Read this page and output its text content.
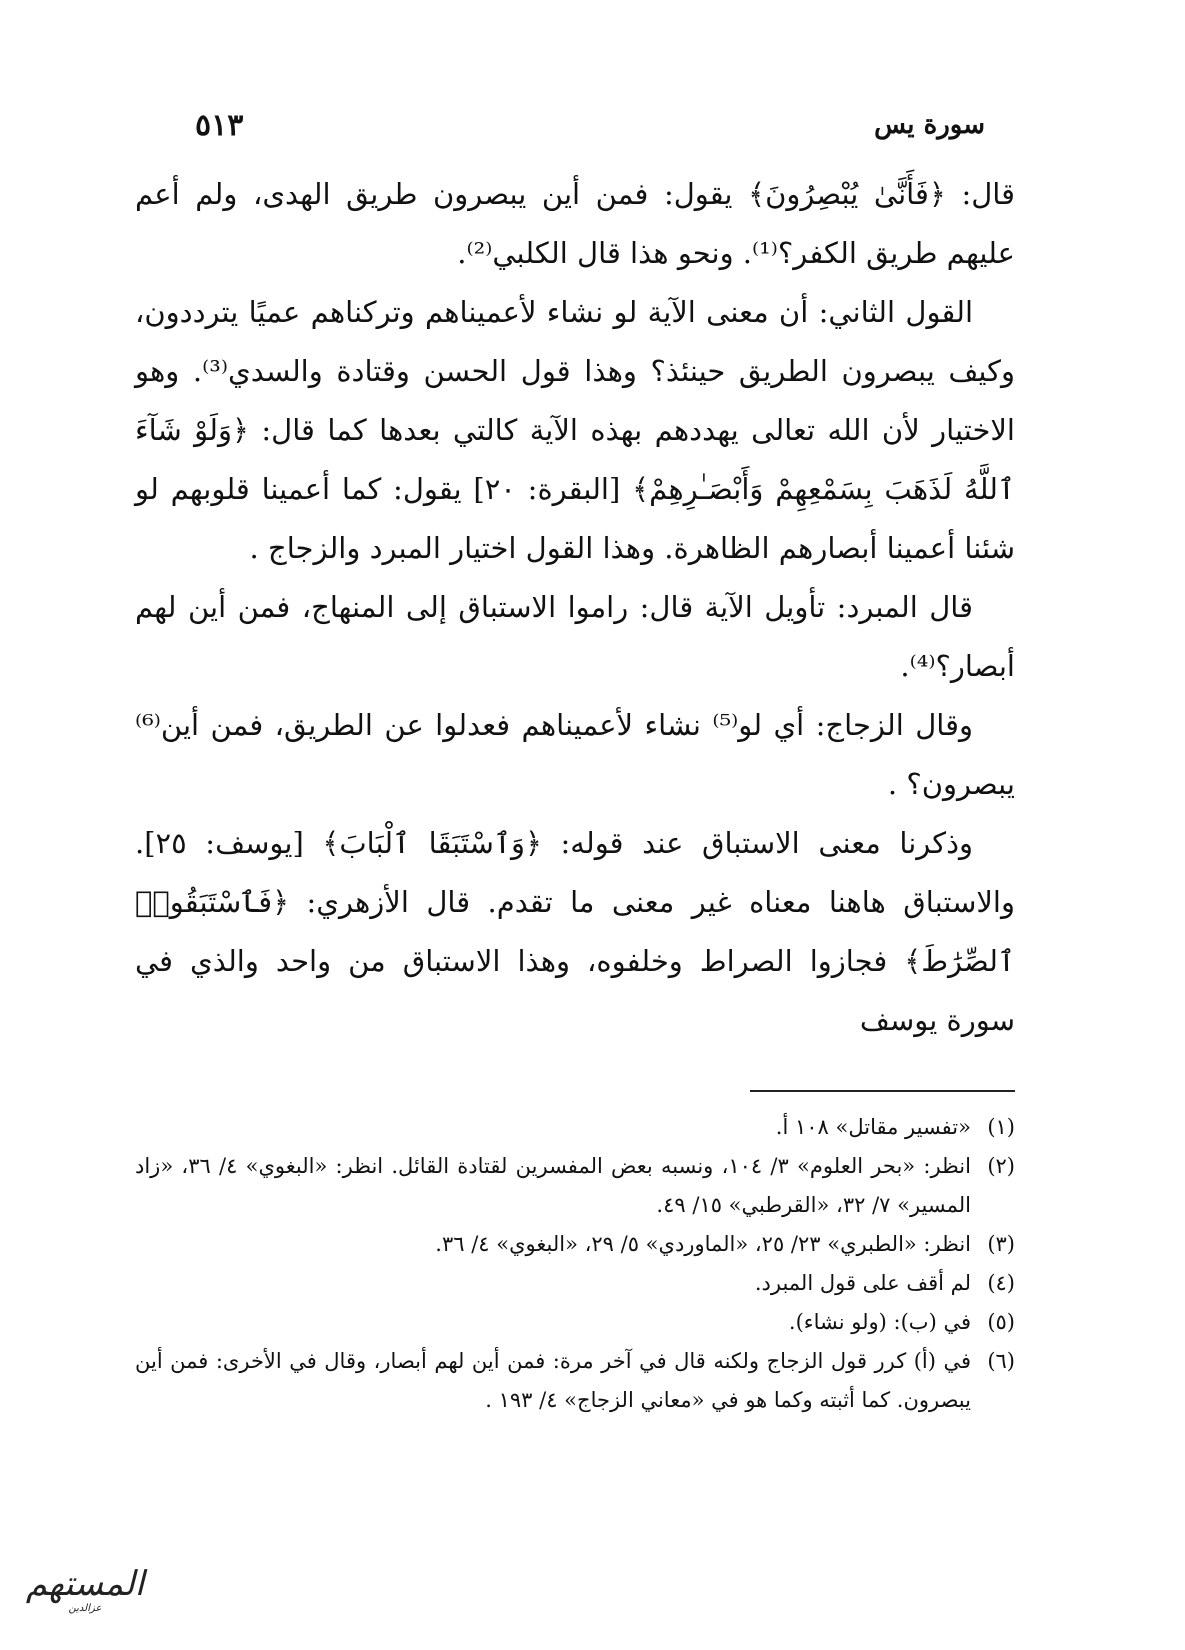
سورة يس
٥١٣

قال: ﴿فَأَنَّىٰ يُبْصِرُونَ﴾ يقول: فمن أين يبصرون طريق الهدى، ولم أعم عليهم طريق الكفر؟⁽¹⁾. ونحو هذا قال الكلبي⁽²⁾.

القول الثاني: أن معنى الآية لو نشاء لأعميناهم وتركناهم عميًا يترددون، وكيف يبصرون الطريق حينئذ؟ وهذا قول الحسن وقتادة والسدي⁽³⁾. وهو الاختيار لأن الله تعالى يهددهم بهذه الآية كالتي بعدها كما قال: ﴿وَلَوْ شَآءَ ٱللَّهُ لَذَهَبَ بِسَمْعِهِمْ وَأَبْصَـٰرِهِمْ﴾ [البقرة: ٢٠] يقول: كما أعمينا قلوبهم لو شئنا أعمينا أبصارهم الظاهرة. وهذا القول اختيار المبرد والزجاج .

قال المبرد: تأويل الآية قال: راموا الاستباق إلى المنهاج، فمن أين لهم أبصار؟⁽⁴⁾.

وقال الزجاج: أي لو⁽⁵⁾ نشاء لأعميناهم فعدلوا عن الطريق، فمن أين⁽⁶⁾ يبصرون؟ .

وذكرنا معنى الاستباق عند قوله: ﴿وَٱسْتَبَقَا ٱلْبَابَ﴾ [يوسف: ٢٥]. والاستباق هاهنا معناه غير معنى ما تقدم. قال الأزهري: ﴿فَٱسْتَبَقُوا۟ ٱلصِّرَٰطَ﴾ فجازوا الصراط وخلفوه، وهذا الاستباق من واحد والذي في سورة يوسف

(١)
«تفسير مقاتل» ١٠٨ أ.
(٢)
انظر: «بحر العلوم» ٣/ ١٠٤، ونسبه بعض المفسرين لقتادة القائل. انظر: «البغوي» ٤/ ٣٦، «زاد المسير» ٧/ ٣٢، «القرطبي» ١٥/ ٤٩.
(٣)
انظر: «الطبري» ٢٣/ ٢٥، «الماوردي» ٥/ ٢٩، «البغوي» ٤/ ٣٦.
(٤)
لم أقف على قول المبرد.
(٥)
في (ب): (ولو نشاء).
(٦)
في (أ) كرر قول الزجاج ولكنه قال في آخر مرة: فمن أين لهم أبصار، وقال في الأخرى: فمن أين يبصرون. كما أثبته وكما هو في «معاني الزجاج» ٤/ ١٩٣ .
المستهم
عزالدين
